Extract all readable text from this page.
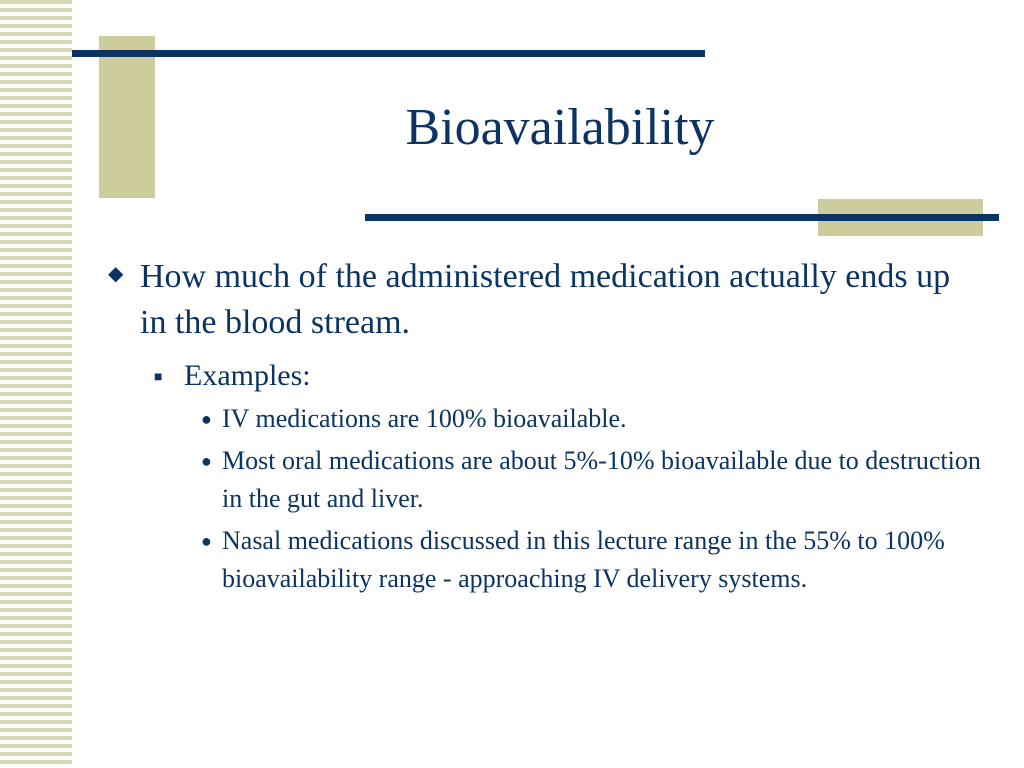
Bioavailability

◆ How much of the administered medication actually ends up in the blood stream.

■ Examples:

● IV medications are 100% bioavailable.

● Most oral medications are about 5%-10% bioavailable due to destruction in the gut and liver.

● Nasal medications discussed in this lecture range in the 55% to 100% bioavailability range - approaching IV delivery systems.
